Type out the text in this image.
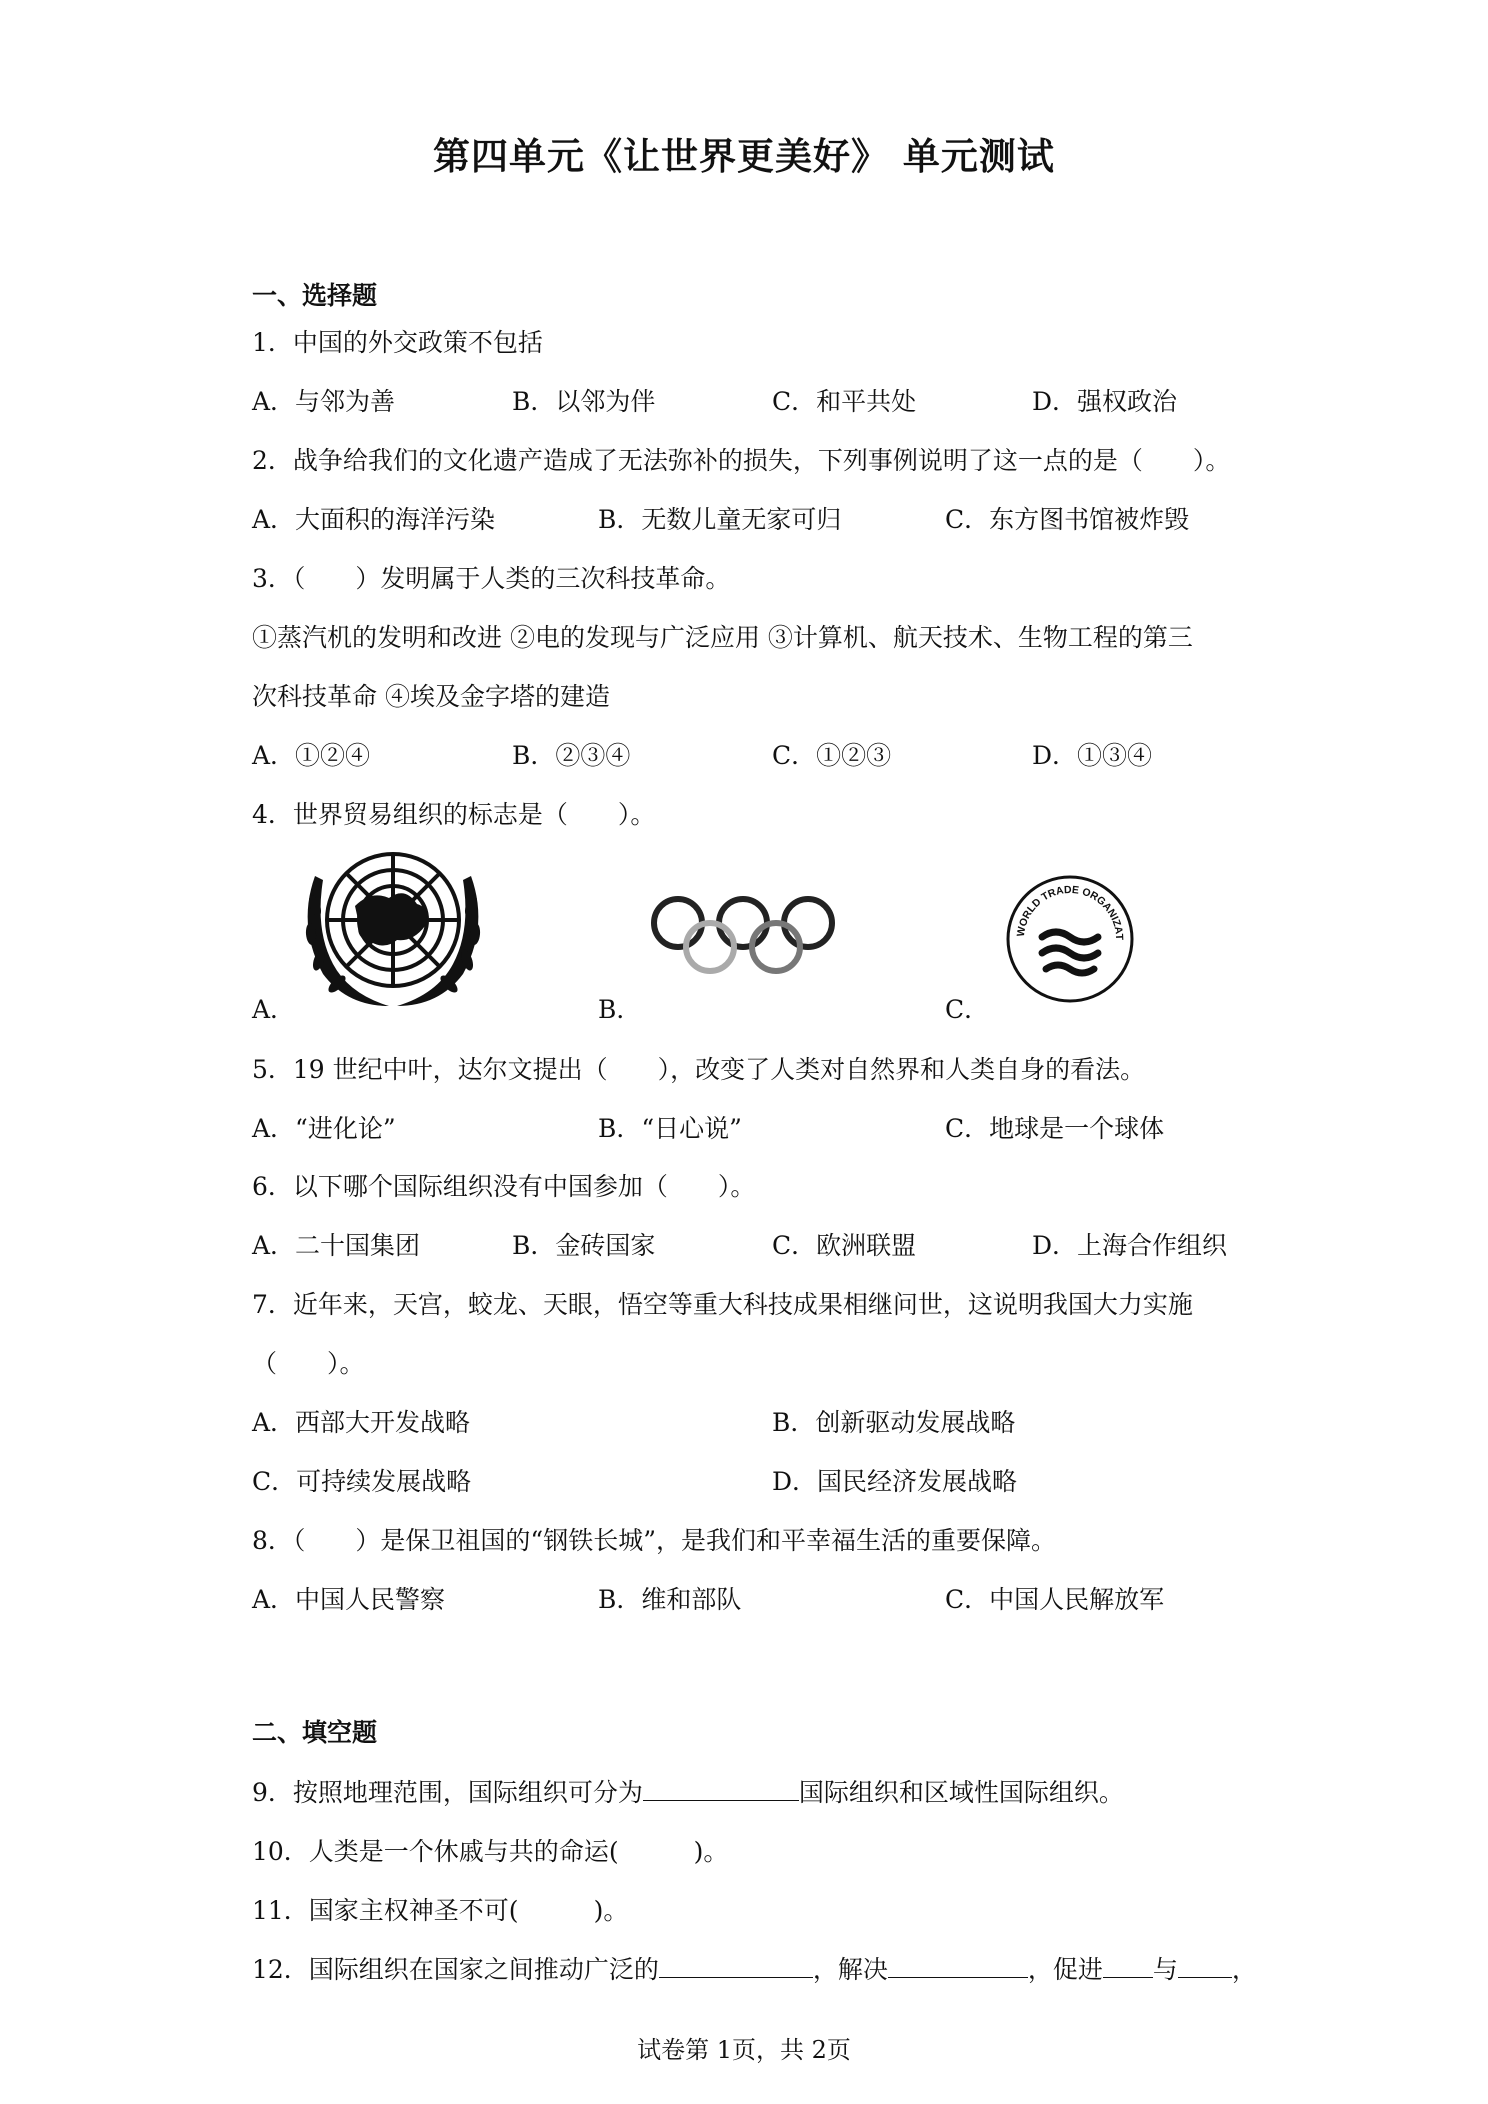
第四单元《让世界更美好》 单元测试
一、选择题
1．中国的外交政策不包括
A．与邻为善	B．以邻为伴	C．和平共处	D．强权政治
2．战争给我们的文化遗产造成了无法弥补的损失，下列事例说明了这一点的是（　　）。
A．大面积的海洋污染	B．无数儿童无家可归	C．东方图书馆被炸毁
3．（　　）发明属于人类的三次科技革命。
①蒸汽机的发明和改进 ②电的发现与广泛应用 ③计算机、航天技术、生物工程的第三
次科技革命 ④埃及金字塔的建造
A．①②④	B．②③④	C．①②③	D．①③④
4．世界贸易组织的标志是（　　）。
A．	B．
WORLD TRADE ORGANIZAT
C．
5．19 世纪中叶，达尔文提出（　　），改变了人类对自然界和人类自身的看法。
A．“进化论”	B．“日心说”	C．地球是一个球体
6．以下哪个国际组织没有中国参加（　　）。
A．二十国集团	B．金砖国家	C．欧洲联盟	D．上海合作组织
7．近年来，天宫，蛟龙、天眼，悟空等重大科技成果相继问世，这说明我国大力实施
（　　）。
A．西部大开发战略	B．创新驱动发展战略
C．可持续发展战略	D．国民经济发展战略
8．（　　）是保卫祖国的“钢铁长城”，是我们和平幸福生活的重要保障。
A．中国人民警察	B．维和部队	C．中国人民解放军
二、填空题
9．按照地理范围，国际组织可分为	国际组织和区域性国际组织。
10．人类是一个休戚与共的命运(　　　)。
11．国家主权神圣不可(　　　)。
12．国际组织在国家之间推动广泛的	，解决	，促进 与 ，
试卷第 1页，共 2页
